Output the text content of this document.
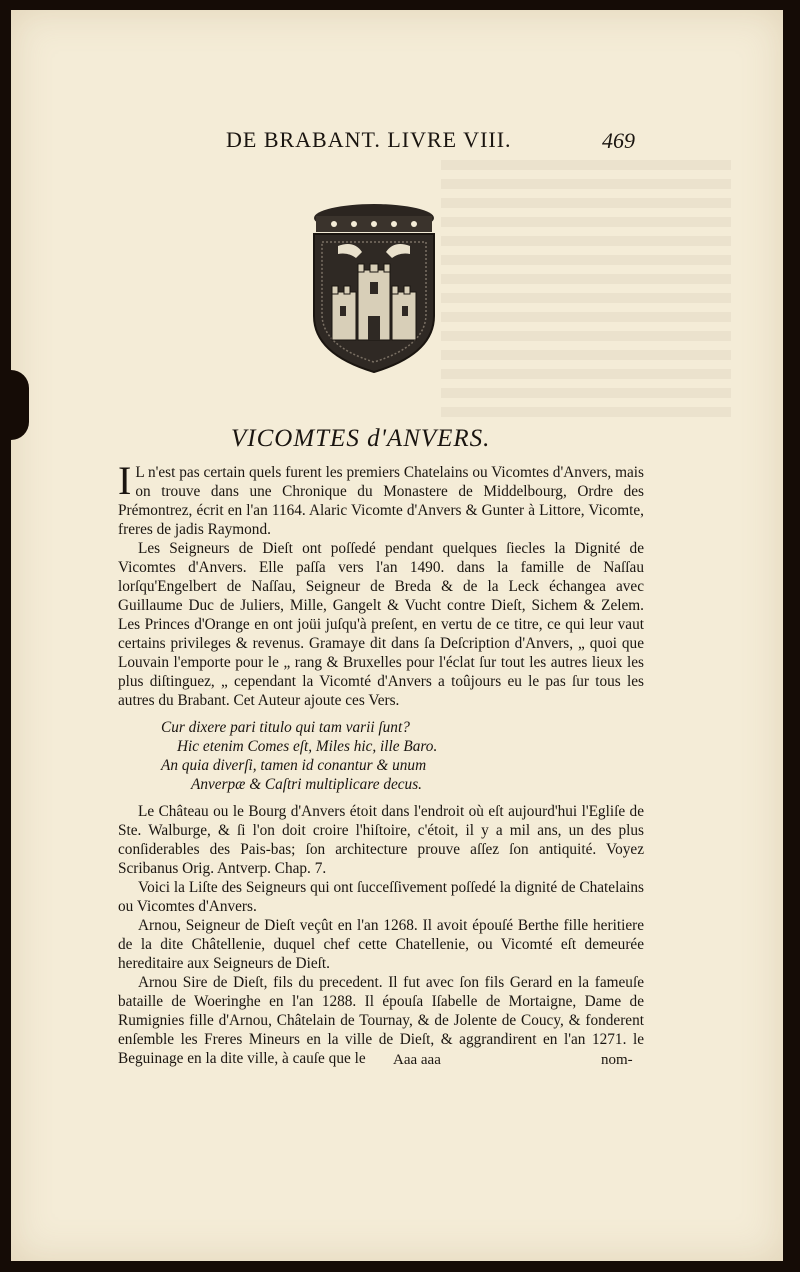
DE BRABANT. LIVRE VIII.	469
VICOMTES d'ANVERS.

I L n'est pas certain quels furent les premiers Chatelains ou Vicomtes d'Anvers, mais on trouve dans une Chronique du Monastere de Middelbourg, Ordre des Prémontrez, écrit en l'an 1164. Alaric Vicomte d'Anvers & Gunter à Littore, Vicomte, freres de jadis Raymond.

Les Seigneurs de Dieſt ont poſſedé pendant quelques ſiecles la Dignité de Vicomtes d'Anvers. Elle paſſa vers l'an 1490. dans la famille de Naſſau lorſqu'Engelbert de Naſſau, Seigneur de Breda & de la Leck échangea avec Guillaume Duc de Juliers, Mille, Gangelt & Vucht contre Dieſt, Sichem & Zelem. Les Princes d'Orange en ont joüi juſqu'à preſent, en vertu de ce titre, ce qui leur vaut certains privileges & revenus. Gramaye dit dans ſa Deſcription d'Anvers, „ quoi que Louvain l'emporte pour le „ rang & Bruxelles pour l'éclat ſur tout les autres lieux les plus diſtinguez, „ cependant la Vicomté d'Anvers a toûjours eu le pas ſur tous les autres du Brabant. Cet Auteur ajoute ces Vers.

Cur dixere pari titulo qui tam varii ſunt?
Hic etenim Comes eſt, Miles hic, ille Baro.
An quia diverſi, tamen id conantur & unum
Anverpæ & Caſtri multiplicare decus.

Le Château ou le Bourg d'Anvers étoit dans l'endroit où eſt aujourd'hui l'Egliſe de Ste. Walburge, & ſi l'on doit croire l'hiſtoire, c'étoit, il y a mil ans, un des plus conſiderables des Pais-bas; ſon architecture prouve aſſez ſon antiquité. Voyez Scribanus Orig. Antverp. Chap. 7.

Voici la Liſte des Seigneurs qui ont ſucceſſivement poſſedé la dignité de Chatelains ou Vicomtes d'Anvers.

Arnou, Seigneur de Dieſt veçût en l'an 1268. Il avoit épouſé Berthe fille heritiere de la dite Châtellenie, duquel chef cette Chatellenie, ou Vicomté eſt demeurée hereditaire aux Seigneurs de Dieſt.

Arnou Sire de Dieſt, fils du precedent. Il fut avec ſon fils Gerard en la fameuſe bataille de Woeringhe en l'an 1288. Il épouſa Iſabelle de Mortaigne, Dame de Rumignies fille d'Arnou, Châtelain de Tournay, & de Jolente de Coucy, & fonderent enſemble les Freres Mineurs en la ville de Dieſt, & aggrandirent en l'an 1271. le Beguinage en la dite ville, à cauſe que le	Aaa aaa	nom-
